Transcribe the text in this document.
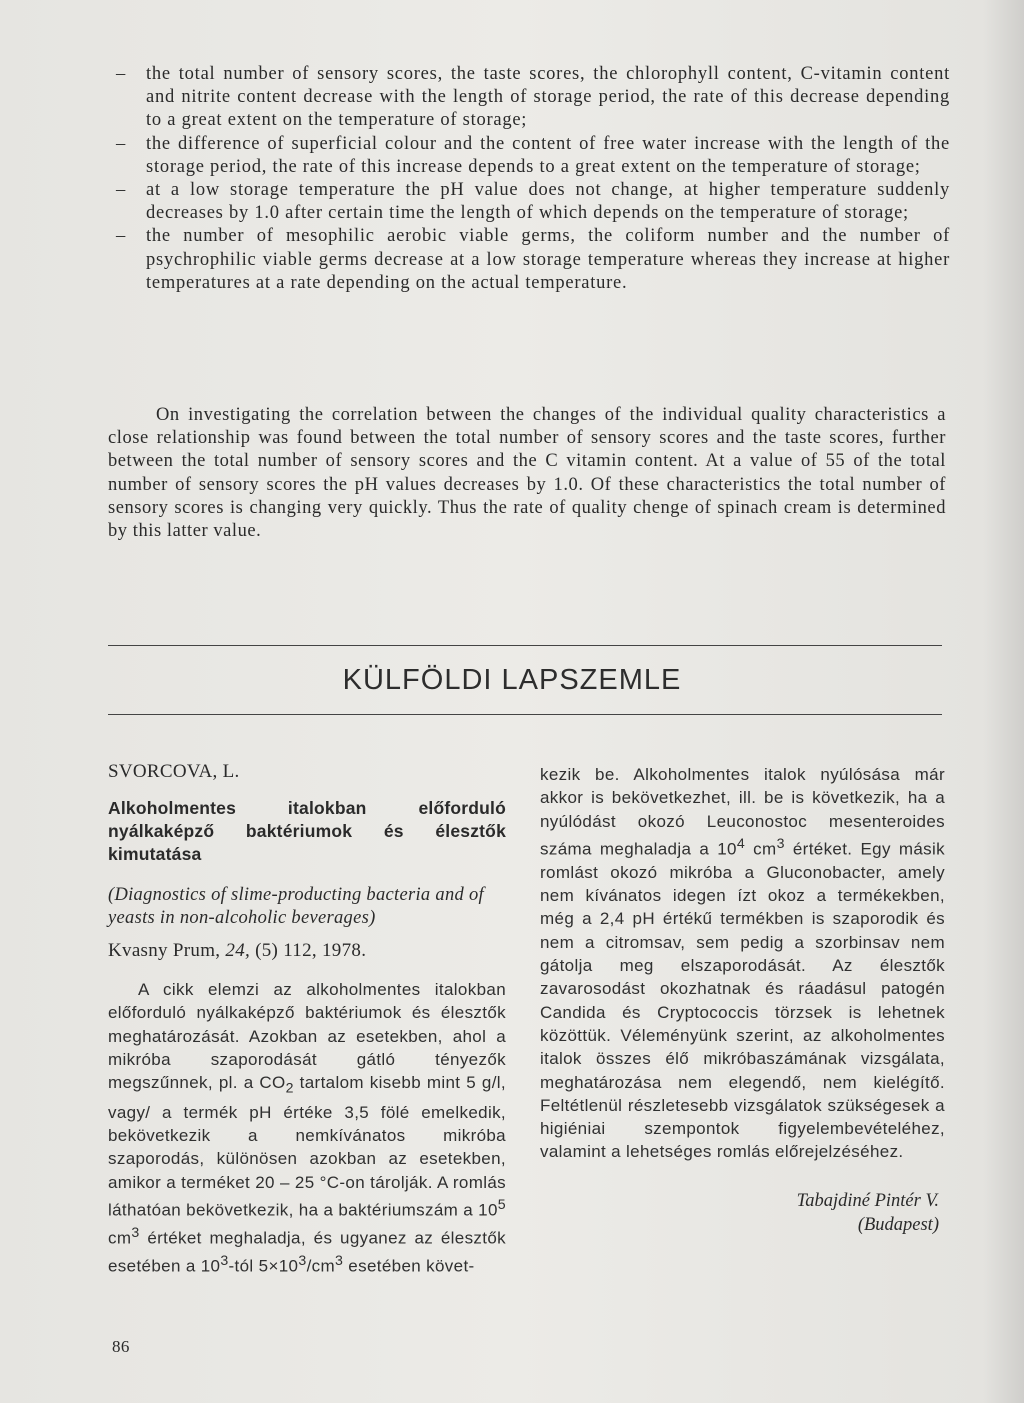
– the total number of sensory scores, the taste scores, the chlorophyll content, C-vitamin content and nitrite content decrease with the length of storage period, the rate of this decrease depending to a great extent on the temperature of storage;
– the difference of superficial colour and the content of free water increase with the length of the storage period, the rate of this increase depends to a great extent on the temperature of storage;
– at a low storage temperature the pH value does not change, at higher temperature suddenly decreases by 1.0 after certain time the length of which depends on the temperature of storage;
– the number of mesophilic aerobic viable germs, the coliform number and the number of psychrophilic viable germs decrease at a low storage temperature whereas they increase at higher temperatures at a rate depending on the actual temperature.
On investigating the correlation between the changes of the individual quality characteristics a close relationship was found between the total number of sensory scores and the taste scores, further between the total number of sensory scores and the C vitamin content. At a value of 55 of the total number of sensory scores the pH values decreases by 1.0. Of these characteristics the total number of sensory scores is changing very quickly. Thus the rate of quality chenge of spinach cream is determined by this latter value.
KÜLFÖLDI LAPSZEMLE
SVORCOVA, L.
Alkoholmentes italokban előforduló nyálkaképző baktériumok és élesztők kimutatása
(Diagnostics of slime-producting bacteria and of yeasts in non-alcoholic beverages)
Kvasny Prum, 24, (5) 112, 1978.
A cikk elemzi az alkoholmentes italokban előforduló nyálkaképző baktériumok és élesztők meghatározását. Azokban az esetekben, ahol a mikróba szaporodását gátló tényezők megszűnnek, pl. a $CO_2$ tartalom kisebb mint 5 g/l, vagy/ a termék pH értéke 3,5 fölé emelkedik, bekövetkezik a nemkívánatos mikróba szaporodás, különösen azokban az esetekben, amikor a terméket 20 – 25 °C-on tárolják. A romlás láthatóan bekövetkezik, ha a baktériumszám a $10^5$ $cm^3$ értéket meghaladja, és ugyanez az élesztők esetében a $10^3$-tól $5\times 10^3/cm^3$ esetében követ-
kezik be. Alkoholmentes italok nyúlósása már akkor is bekövetkezhet, ill. be is következik, ha a nyúlódást okozó Leuconostoc mesenteroides száma meghaladja a $10^4$ $cm^3$ értéket. Egy másik romlást okozó mikróba a Gluconobacter, amely nem kívánatos idegen ízt okoz a termékekben, még a 2,4 pH értékű termékben is szaporodik és nem a citromsav, sem pedig a szorbinsav nem gátolja meg elszaporodását. Az élesztők zavarosodást okozhatnak és ráadásul patogén Candida és Cryptococcis törzsek is lehetnek közöttük. Véleményünk szerint, az alkoholmentes italok összes élő mikróbaszámának vizsgálata, meghatározása nem elegendő, nem kielégítő. Feltétlenül részletesebb vizsgálatok szükségesek a higiéniai szempontok figyelembevételéhez, valamint a lehetséges romlás előrejelzéséhez.
Tabajdiné Pintér V.
(Budapest)
86
